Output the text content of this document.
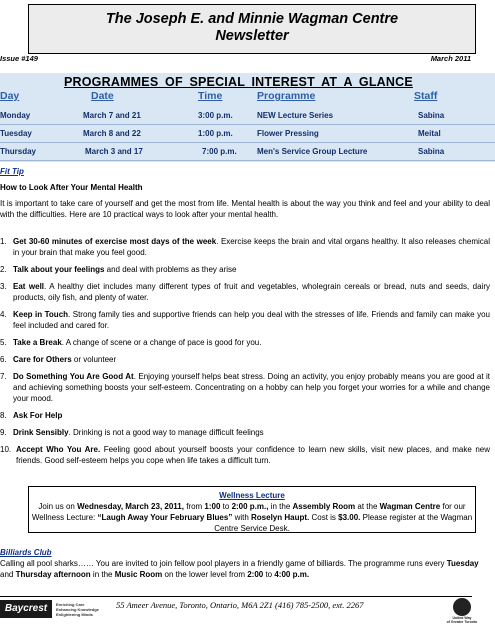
The Joseph E. and Minnie Wagman Centre
Newsletter
Issue #149	March 2011
PROGRAMMES OF SPECIAL INTEREST AT A GLANCE
Day	Date	Time	Programme	Staff
Monday	March 7 and 21	3:00 p.m.	NEW Lecture Series	Sabina
Tuesday	March 8 and 22	1:00 p.m.	Flower Pressing	Meital
Thursday	March 3 and 17	7:00 p.m.	Men's Service Group Lecture	Sabina
Fit Tip
How to Look After Your Mental Health
It is important to take care of yourself and get the most from life. Mental health is about the way you think and feel and your ability to deal with the difficulties. Here are 10 practical ways to look after your mental health.
1. Get 30-60 minutes of exercise most days of the week. Exercise keeps the brain and vital organs healthy. It also releases chemical in your brain that make you feel good.
2. Talk about your feelings and deal with problems as they arise
3. Eat well. A healthy diet includes many different types of fruit and vegetables, wholegrain cereals or bread, nuts and seeds, dairy products, oily fish, and plenty of water.
4. Keep in Touch. Strong family ties and supportive friends can help you deal with the stresses of life. Friends and family can make you feel included and cared for.
5. Take a Break. A change of scene or a change of pace is good for you.
6. Care for Others or volunteer
7. Do Something You Are Good At. Enjoying yourself helps beat stress. Doing an activity, you enjoy probably means you are good at it and achieving something boosts your self-esteem. Concentrating on a hobby can help you forget your worries for a while and change your mood.
8. Ask For Help
9. Drink Sensibly. Drinking is not a good way to manage difficult feelings
10. Accept Who You Are. Feeling good about yourself boosts your confidence to learn new skills, visit new places, and make new friends. Good self-esteem helps you cope when life takes a difficult turn.
Wellness Lecture
Join us on Wednesday, March 23, 2011, from 1:00 to 2:00 p.m., in the Assembly Room at the Wagman Centre for our Wellness Lecture: “Laugh Away Your February Blues” with Roselyn Haupt. Cost is $3.00. Please register at the Wagman Centre Service Desk.
Billiards Club
Calling all pool sharks…… You are invited to join fellow pool players in a friendly game of billiards. The programme runs every Tuesday and Thursday afternoon in the Music Room on the lower level from 2:00 to 4:00 p.m.
Baycrest	Enriching Care
Enhancing Knowledge
Enlightening Minds
55 Ameer Avenue, Toronto, Ontario, M6A 2Z1 (416) 785-2500, ext. 2267
United Way
of Greater Toronto
